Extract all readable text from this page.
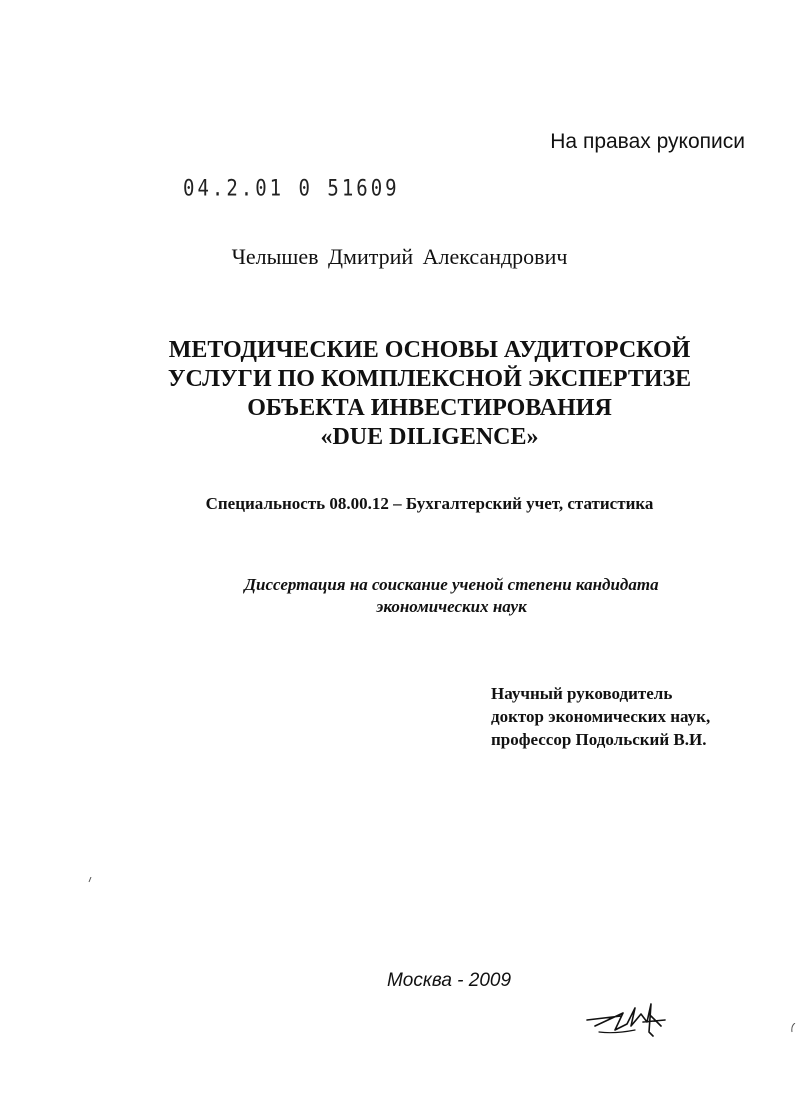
На правах рукописи
04.2.01 0 51609
Челышев Дмитрий Александрович
МЕТОДИЧЕСКИЕ ОСНОВЫ АУДИТОРСКОЙ
УСЛУГИ ПО КОМПЛЕКСНОЙ ЭКСПЕРТИЗЕ
ОБЪЕКТА ИНВЕСТИРОВАНИЯ
«DUE DILIGENCE»
Специальность 08.00.12 – Бухгалтерский учет, статистика
Диссертация на соискание ученой степени кандидата
экономических наук
Научный руководитель
доктор экономических наук,
профессор Подольский В.И.
Москва - 2009
